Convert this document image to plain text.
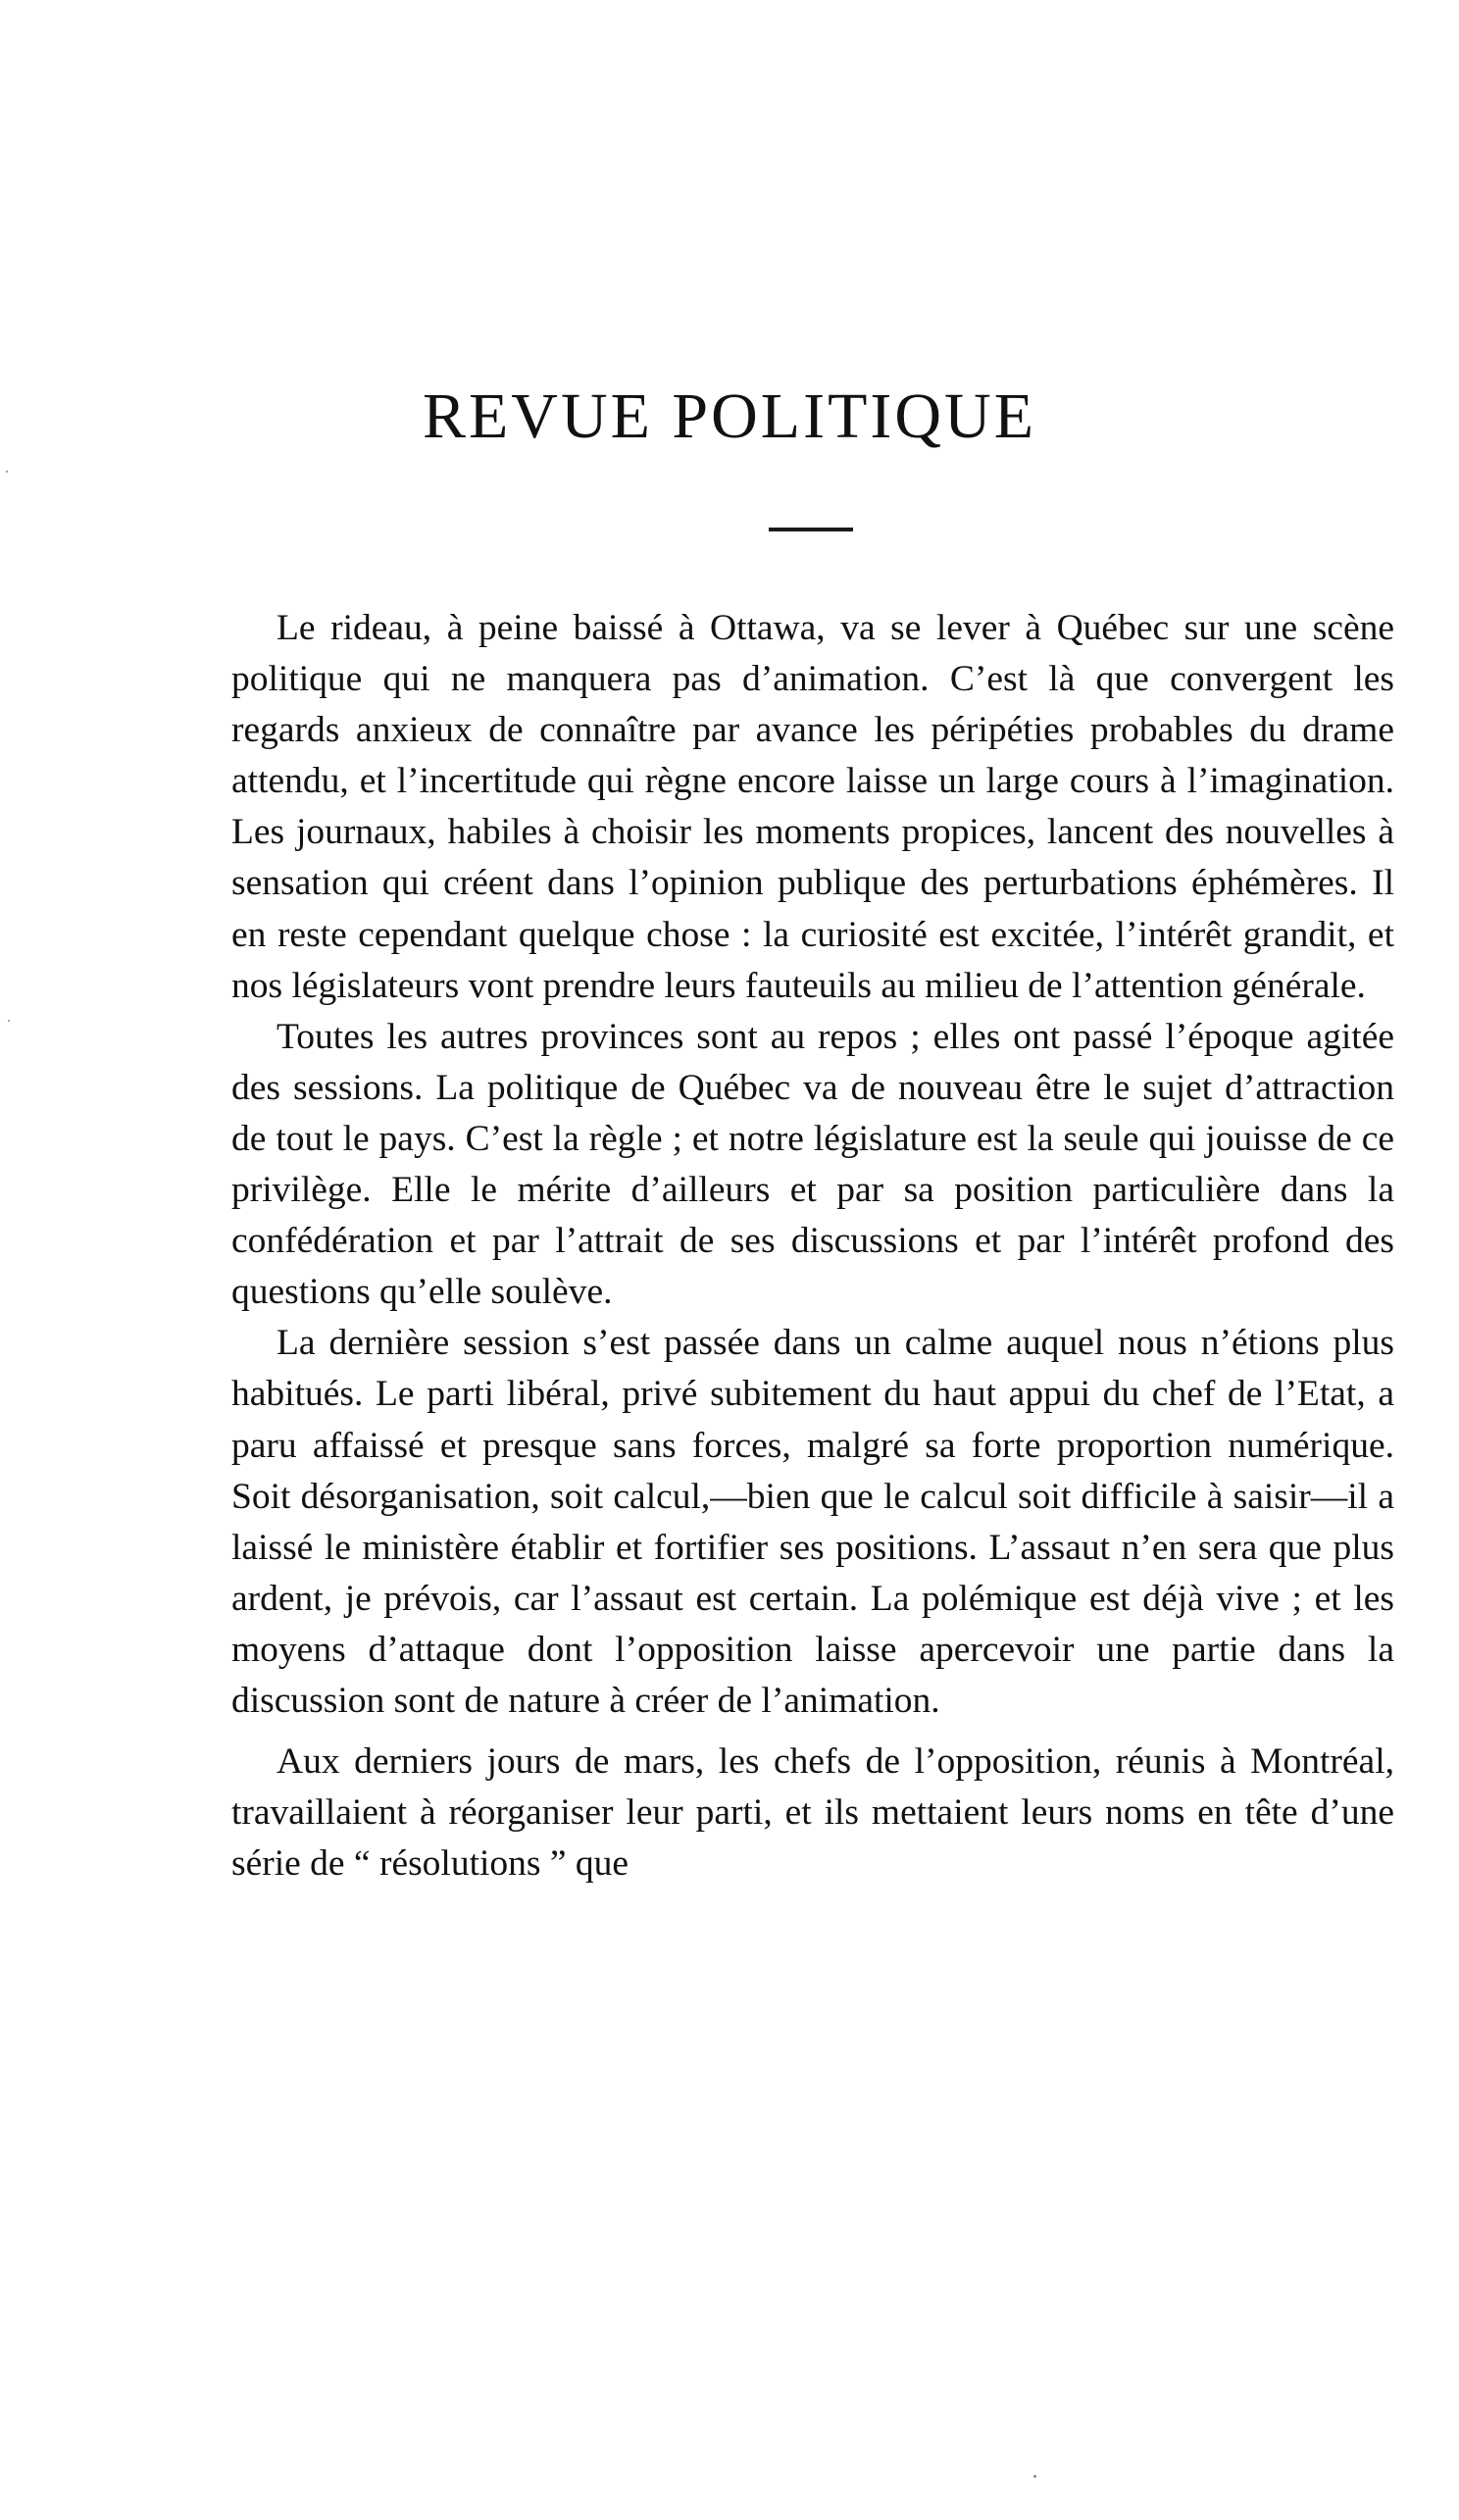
REVUE POLITIQUE

Le rideau, à peine baissé à Ottawa, va se lever à Québec sur une scène politique qui ne manquera pas d’animation. C’est là que convergent les regards anxieux de connaître par avance les péripéties probables du drame attendu, et l’incertitude qui règne encore laisse un large cours à l’imagination. Les journaux, habiles à choisir les moments propices, lancent des nouvelles à sensation qui créent dans l’opinion publique des perturbations éphémères. Il en reste cependant quelque chose : la curiosité est excitée, l’intérêt grandit, et nos législateurs vont prendre leurs fauteuils au milieu de l’attention générale.

Toutes les autres provinces sont au repos ; elles ont passé l’époque agitée des sessions. La politique de Québec va de nouveau être le sujet d’attraction de tout le pays. C’est la règle ; et notre législature est la seule qui jouisse de ce privilège. Elle le mérite d’ailleurs et par sa position particulière dans la confédération et par l’attrait de ses discussions et par l’intérêt profond des questions qu’elle soulève.

La dernière session s’est passée dans un calme auquel nous n’étions plus habitués. Le parti libéral, privé subitement du haut appui du chef de l’Etat, a paru affaissé et presque sans forces, malgré sa forte proportion numérique. Soit désorganisation, soit calcul,—bien que le calcul soit difficile à saisir—il a laissé le ministère établir et fortifier ses positions. L’assaut n’en sera que plus ardent, je prévois, car l’assaut est certain. La polémique est déjà vive ; et les moyens d’attaque dont l’opposition laisse apercevoir une partie dans la discussion sont de nature à créer de l’animation.

Aux derniers jours de mars, les chefs de l’opposition, réunis à Montréal, travaillaient à réorganiser leur parti, et ils mettaient leurs noms en tête d’une série de “ résolutions ” que
